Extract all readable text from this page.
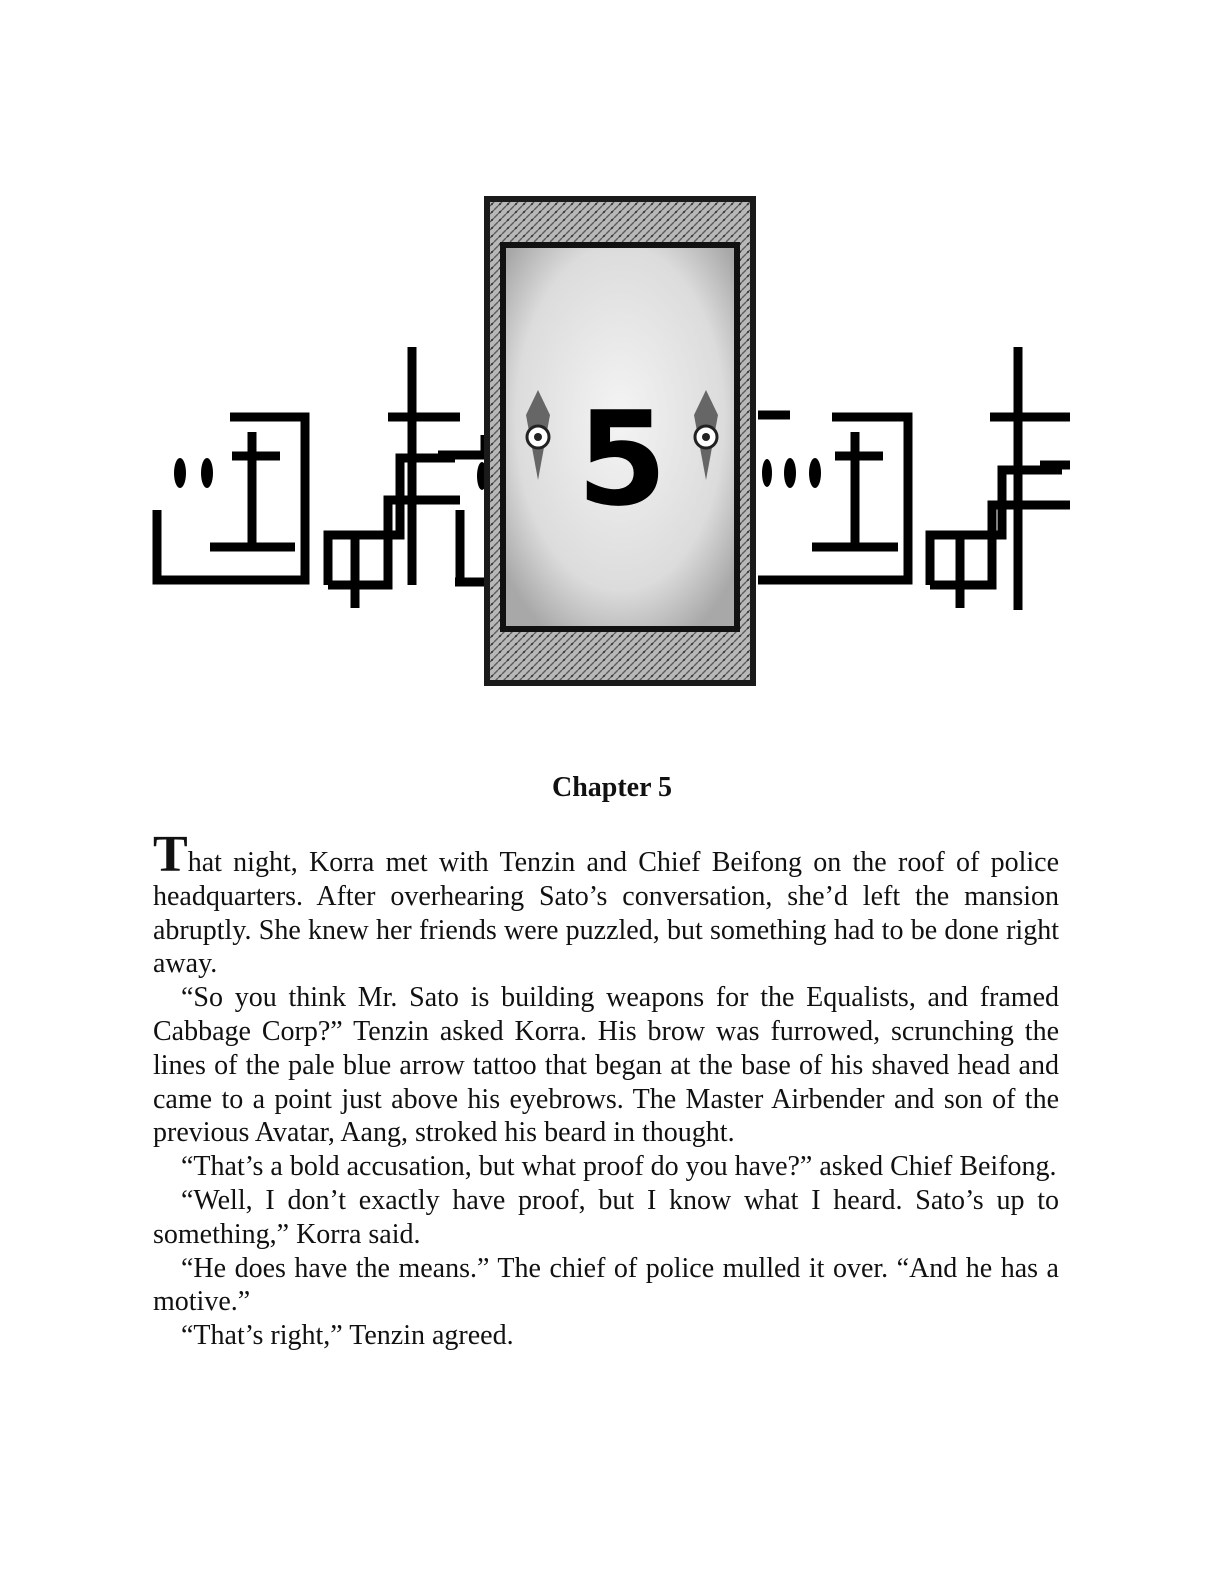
5
Chapter 5

That night, Korra met with Tenzin and Chief Beifong on the roof of police headquarters. After overhearing Sato’s conversation, she’d left the mansion abruptly. She knew her friends were puzzled, but something had to be done right away.

“So you think Mr. Sato is building weapons for the Equalists, and framed Cabbage Corp?” Tenzin asked Korra. His brow was furrowed, scrunching the lines of the pale blue arrow tattoo that began at the base of his shaved head and came to a point just above his eyebrows. The Master Airbender and son of the previous Avatar, Aang, stroked his beard in thought.

“That’s a bold accusation, but what proof do you have?” asked Chief Beifong.

“Well, I don’t exactly have proof, but I know what I heard. Sato’s up to something,” Korra said.

“He does have the means.” The chief of police mulled it over. “And he has a motive.”

“That’s right,” Tenzin agreed.
